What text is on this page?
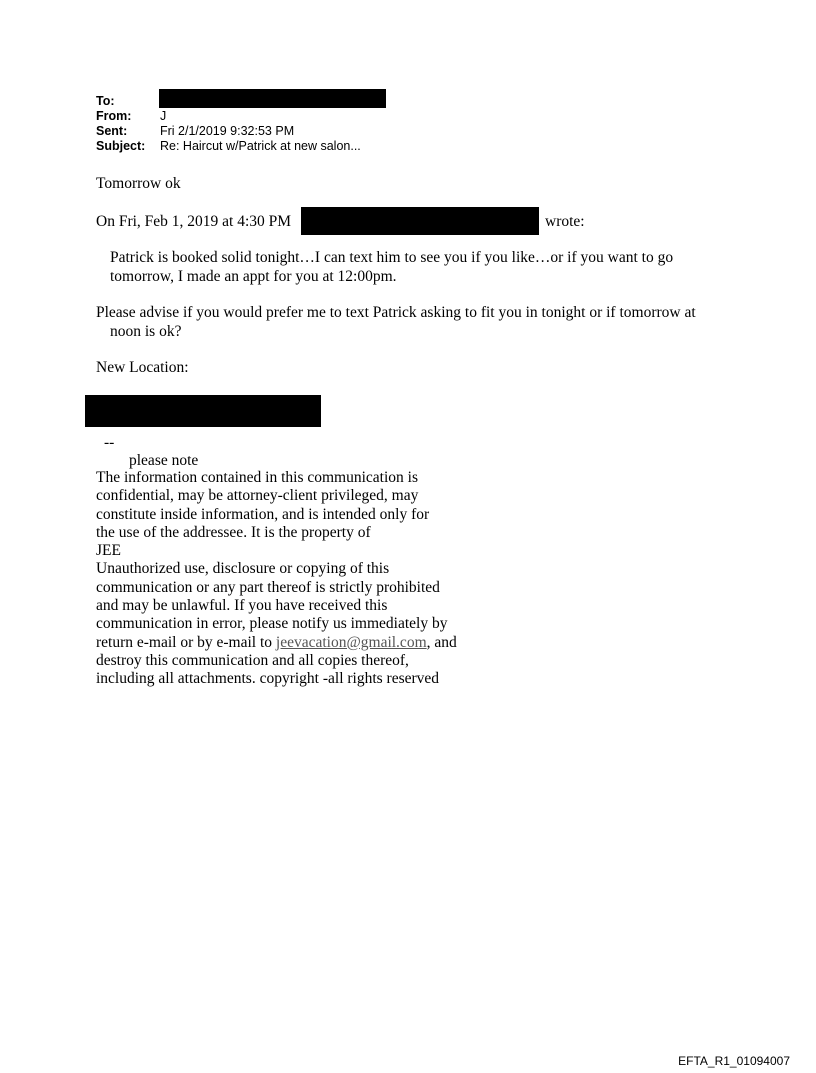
To:
From:	J
Sent:	Fri 2/1/2019 9:32:53 PM
Subject:	Re: Haircut w/Patrick at new salon...
Tomorrow ok
On Fri, Feb 1, 2019 at 4:30 PM	wrote:
Patrick is booked solid tonight…I can text him to see you if you like…or if you want to go
tomorrow, I made an appt for you at 12:00pm.
Please advise if you would prefer me to text Patrick asking to fit you in tonight or if tomorrow at
noon is ok?
New Location:
--
please note
The information contained in this communication is
confidential, may be attorney-client privileged, may
constitute inside information, and is intended only for
the use of the addressee. It is the property of
JEE
Unauthorized use, disclosure or copying of this
communication or any part thereof is strictly prohibited
and may be unlawful. If you have received this
communication in error, please notify us immediately by
return e-mail or by e-mail to jeevacation@gmail.com, and
destroy this communication and all copies thereof,
including all attachments. copyright -all rights reserved
EFTA_R1_01094007
